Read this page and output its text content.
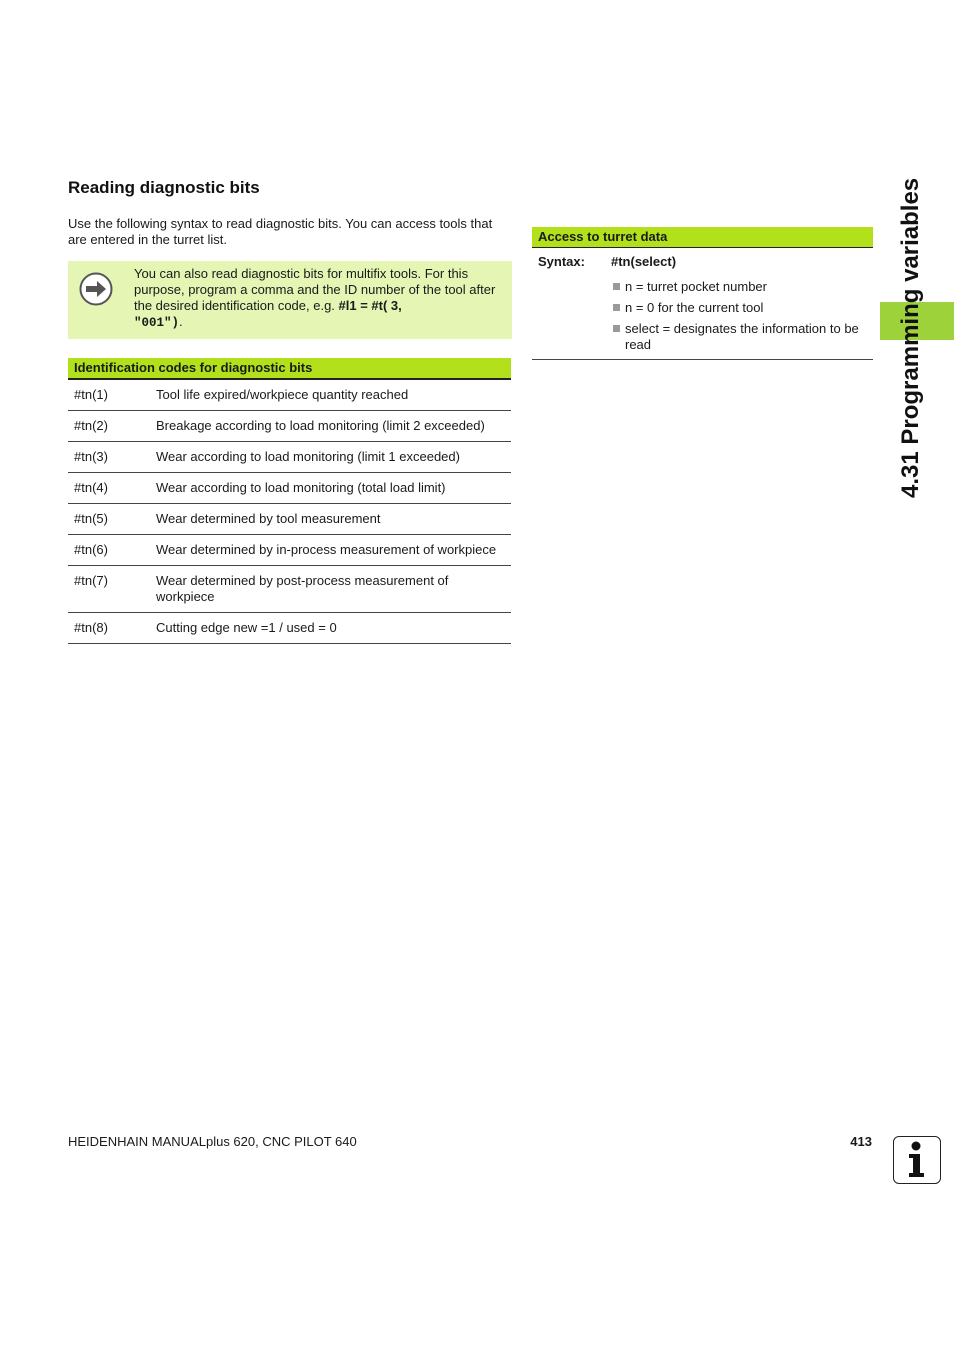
Reading diagnostic bits
Use the following syntax to read diagnostic bits. You can access tools that are entered in the turret list.
You can also read diagnostic bits for multifix tools. For this purpose, program a comma and the ID number of the tool after the desired identification code, e.g. #l1 = #t( 3,
"001").
Identification codes for diagnostic bits
#tn(1)	Tool life expired/workpiece quantity reached
#tn(2)	Breakage according to load monitoring (limit 2 exceeded)
#tn(3)	Wear according to load monitoring (limit 1 exceeded)
#tn(4)	Wear according to load monitoring (total load limit)
#tn(5)	Wear determined by tool measurement
#tn(6)	Wear determined by in-process measurement of workpiece
#tn(7)	Wear determined by post-process measurement of workpiece
#tn(8)	Cutting edge new =1 / used = 0
Access to turret data
Syntax:	#tn(select)
n = turret pocket number
n = 0 for the current tool
select = designates the information to be read	4.31 Programming variables
HEIDENHAIN MANUALplus 620, CNC PILOT 640	413
